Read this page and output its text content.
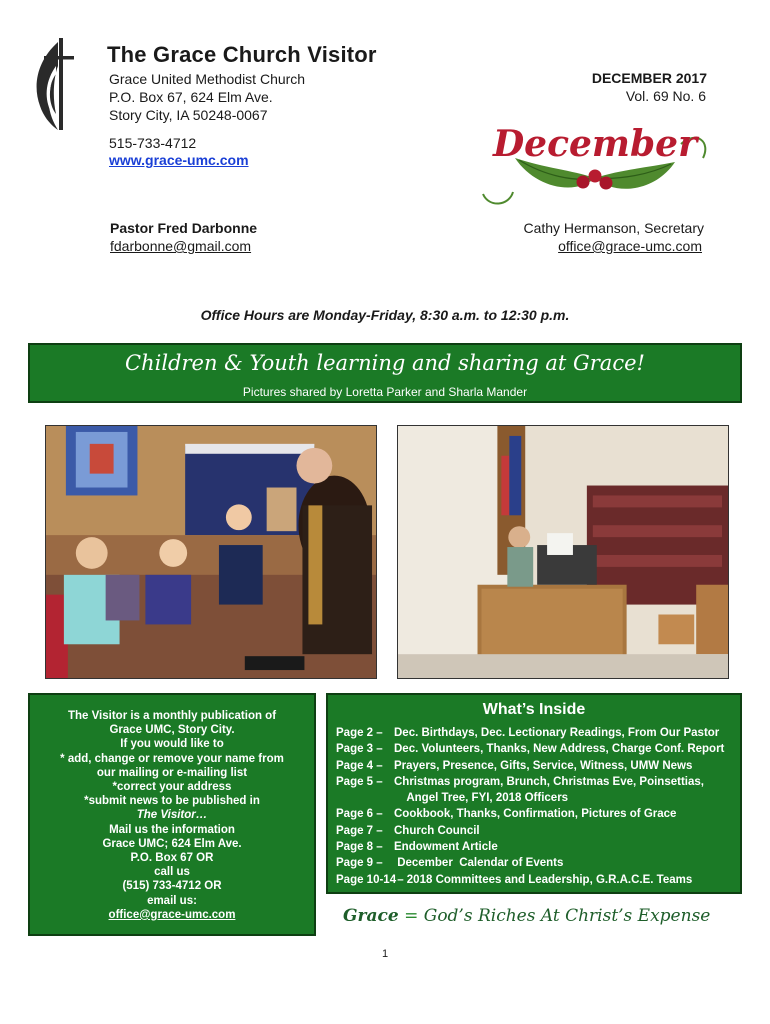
The Grace Church Visitor
Grace United Methodist Church
P.O. Box 67, 624 Elm Ave.
Story City, IA 50248-0067
515-733-4712
www.grace-umc.com
DECEMBER 2017
Vol. 69 No. 6
December
Pastor Fred Darbonne
fdarbonne@gmail.com
Cathy Hermanson, Secretary
office@grace-umc.com
Office Hours are Monday-Friday, 8:30 a.m. to 12:30 p.m.
Children & Youth learning and sharing at Grace!
Pictures shared by Loretta Parker and Sharla Mander
The Visitor is a monthly publication of
Grace UMC, Story City.
If you would like to
* add, change or remove your name from
our mailing or e-mailing list
*correct your address
*submit news to be published in
The Visitor…
Mail us the information
Grace UMC; 624 Elm Ave.
P.O. Box 67 OR
call us
(515) 733-4712 OR
email us:
office@grace-umc.com
What’s Inside
Page 2 – Dec. Birthdays, Dec. Lectionary Readings, From Our Pastor
Page 3 – Dec. Volunteers, Thanks, New Address, Charge Conf. Report
Page 4 – Prayers, Presence, Gifts, Service, Witness, UMW News
Page 5 – Christmas program, Brunch, Christmas Eve, Poinsettias,
Angel Tree, FYI, 2018 Officers
Page 6 – Cookbook, Thanks, Confirmation, Pictures of Grace
Page 7 – Church Council
Page 8 – Endowment Article
Page 9 – December  Calendar of Events
Page 10-14
– 2018 Committees and Leadership, G.R.A.C.E. Teams
Grace = God’s Riches At Christ’s Expense
1
